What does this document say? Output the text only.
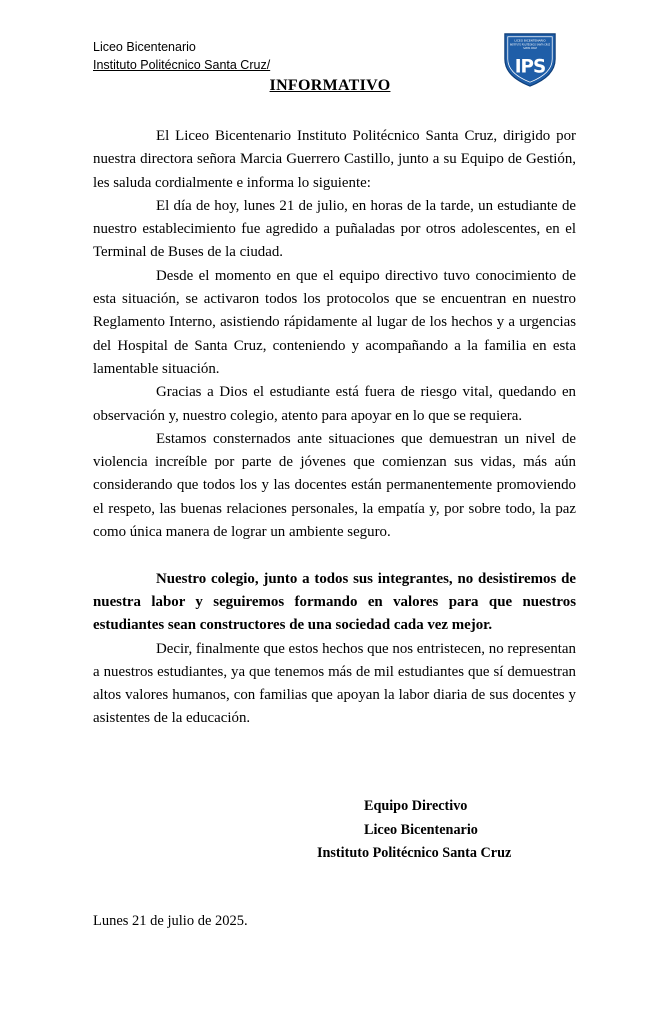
Liceo Bicentenario
Instituto Politécnico Santa Cruz/
LICEO BICENTENARIO
INSTITUTO POLITÉCNICO SANTA CRUZ
SANTA CRUZ
IPS
INFORMATIVO

El Liceo Bicentenario Instituto Politécnico Santa Cruz, dirigido por nuestra directora señora Marcia Guerrero Castillo, junto a su Equipo de Gestión, les saluda cordialmente e informa lo siguiente:

El día de hoy, lunes 21 de julio, en horas de la tarde, un estudiante de nuestro establecimiento fue agredido a puñaladas por otros adolescentes, en el Terminal de Buses de la ciudad.

Desde el momento en que el equipo directivo tuvo conocimiento de esta situación, se activaron todos los protocolos que se encuentran en nuestro Reglamento Interno, asistiendo rápidamente al lugar de los hechos y a urgencias del Hospital de Santa Cruz, conteniendo y acompañando a la familia en esta lamentable situación.

Gracias a Dios el estudiante está fuera de riesgo vital, quedando en observación y, nuestro colegio, atento para apoyar en lo que se requiera.

Estamos consternados ante situaciones que demuestran un nivel de violencia increíble por parte de jóvenes que comienzan sus vidas, más aún considerando que todos los y las docentes están permanentemente promoviendo el respeto, las buenas relaciones personales, la empatía y, por sobre todo, la paz como única manera de lograr un ambiente seguro.

Nuestro colegio, junto a todos sus integrantes, no desistiremos de nuestra labor y seguiremos formando en valores para que nuestros estudiantes sean constructores de una sociedad cada vez mejor.

Decir, finalmente que estos hechos que nos entristecen, no representan a nuestros estudiantes, ya que tenemos más de mil estudiantes que sí demuestran altos valores humanos, con familias que apoyan la labor diaria de sus docentes y asistentes de la educación.

Equipo Directivo
Liceo Bicentenario
Instituto Politécnico Santa Cruz
Lunes 21 de julio de 2025.
